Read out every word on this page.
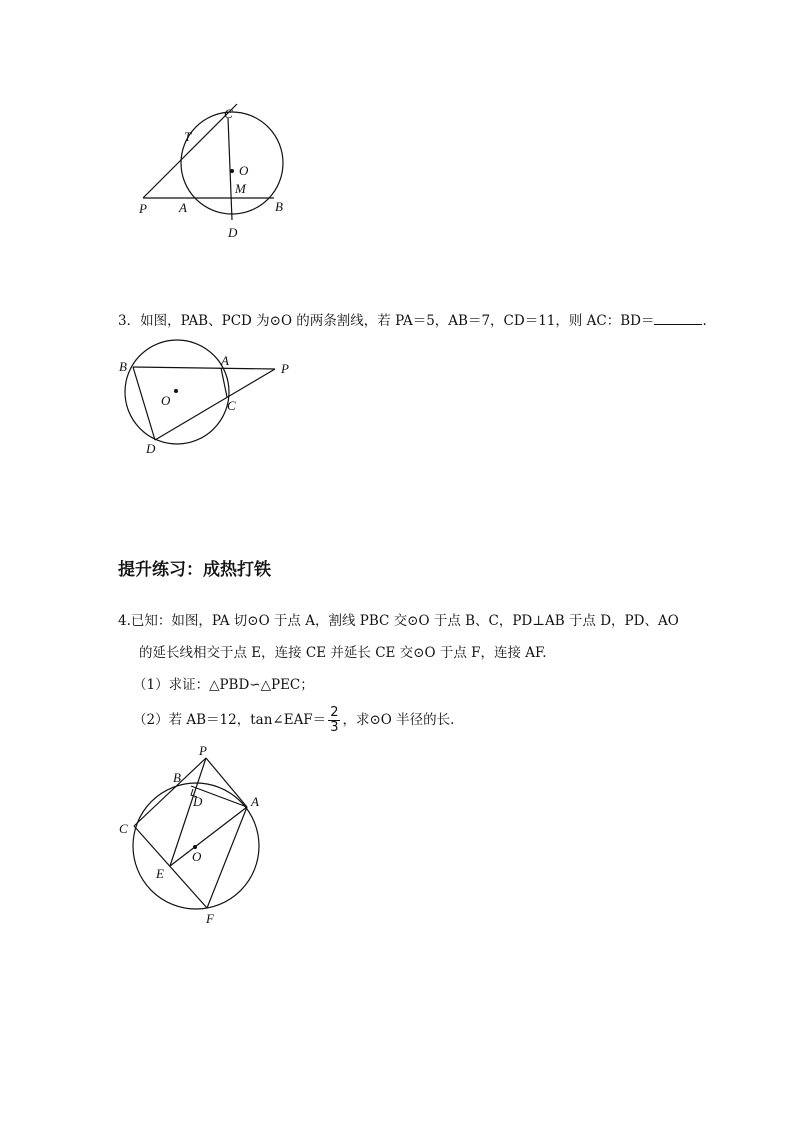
C
T
O
M
P A	B
D
3．如图，PAB、PCD 为⊙O 的两条割线，若 PA＝5，AB＝7，CD＝11，则 AC：BD＝	.
B	A
P
O	C
D
提升练习：成热打铁
4.已知：如图，PA 切⊙O 于点 A，割线 PBC 交⊙O 于点 B、C，PD⊥AB 于点 D，PD、AO
的延长线相交于点 E，连接 CE 并延长 CE 交⊙O 于点 F，连接 AF.
（1）求证：△PBD∽△PEC；
（2）若 AB＝12，tan∠EAF＝ $\frac{2}{3}$ ，求⊙O 半径的长.
P
B
D	A
C
O
E
F
